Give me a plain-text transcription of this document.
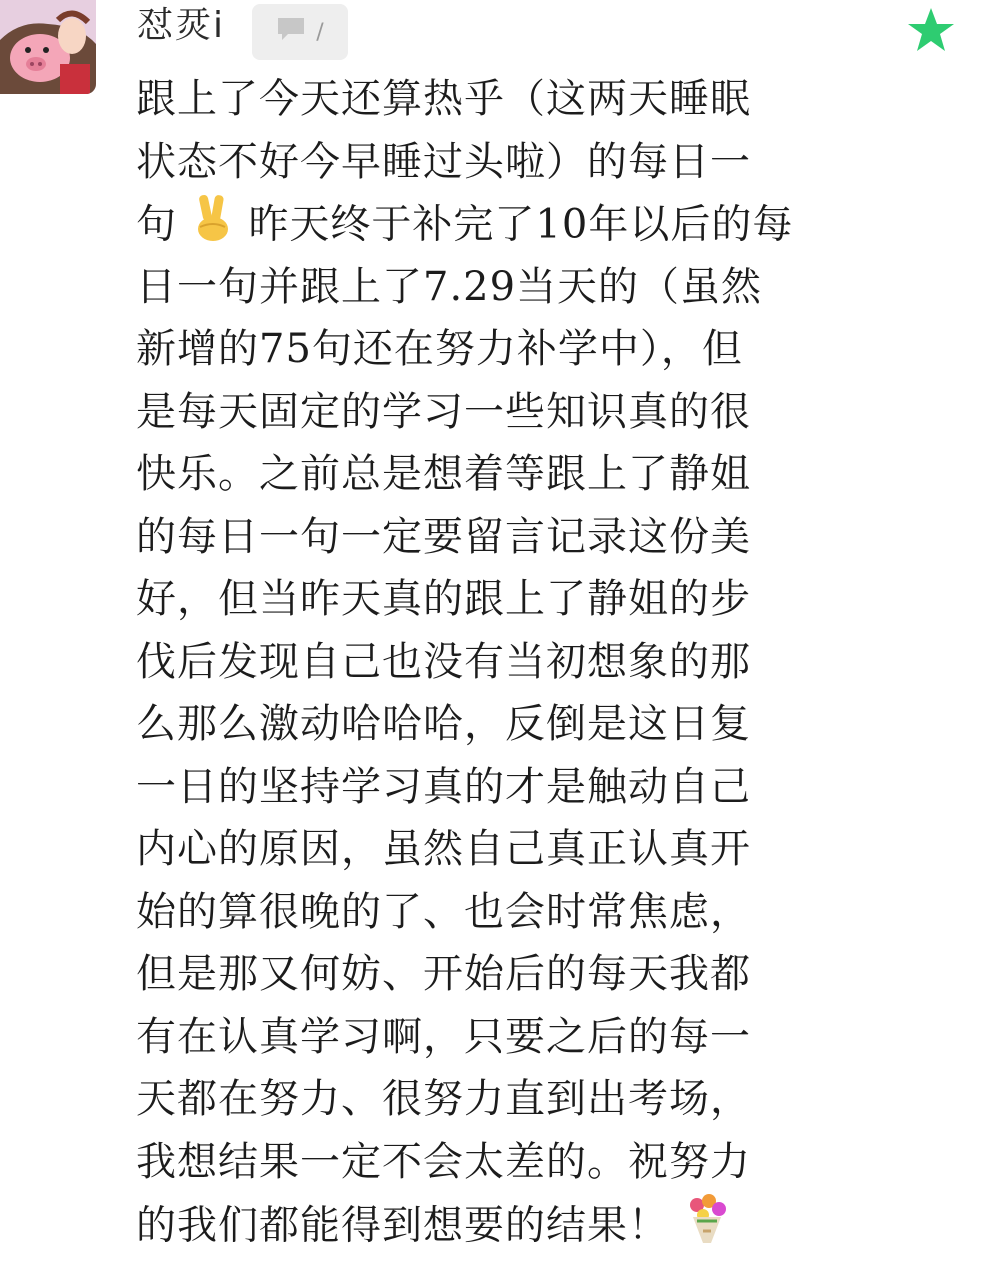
怼烎i	/
跟上了今天还算热乎（这两天睡眠
状态不好今早睡过头啦）的每日一
句 昨天终于补完了10年以后的每
日一句并跟上了7.29当天的（虽然
新增的75句还在努力补学中），但
是每天固定的学习一些知识真的很
快乐。之前总是想着等跟上了静姐
的每日一句一定要留言记录这份美
好，但当昨天真的跟上了静姐的步
伐后发现自己也没有当初想象的那
么那么激动哈哈哈，反倒是这日复
一日的坚持学习真的才是触动自己
内心的原因，虽然自己真正认真开
始的算很晚的了、也会时常焦虑，
但是那又何妨、开始后的每天我都
有在认真学习啊，只要之后的每一
天都在努力、很努力直到出考场，
我想结果一定不会太差的。祝努力
的我们都能得到想要的结果！
